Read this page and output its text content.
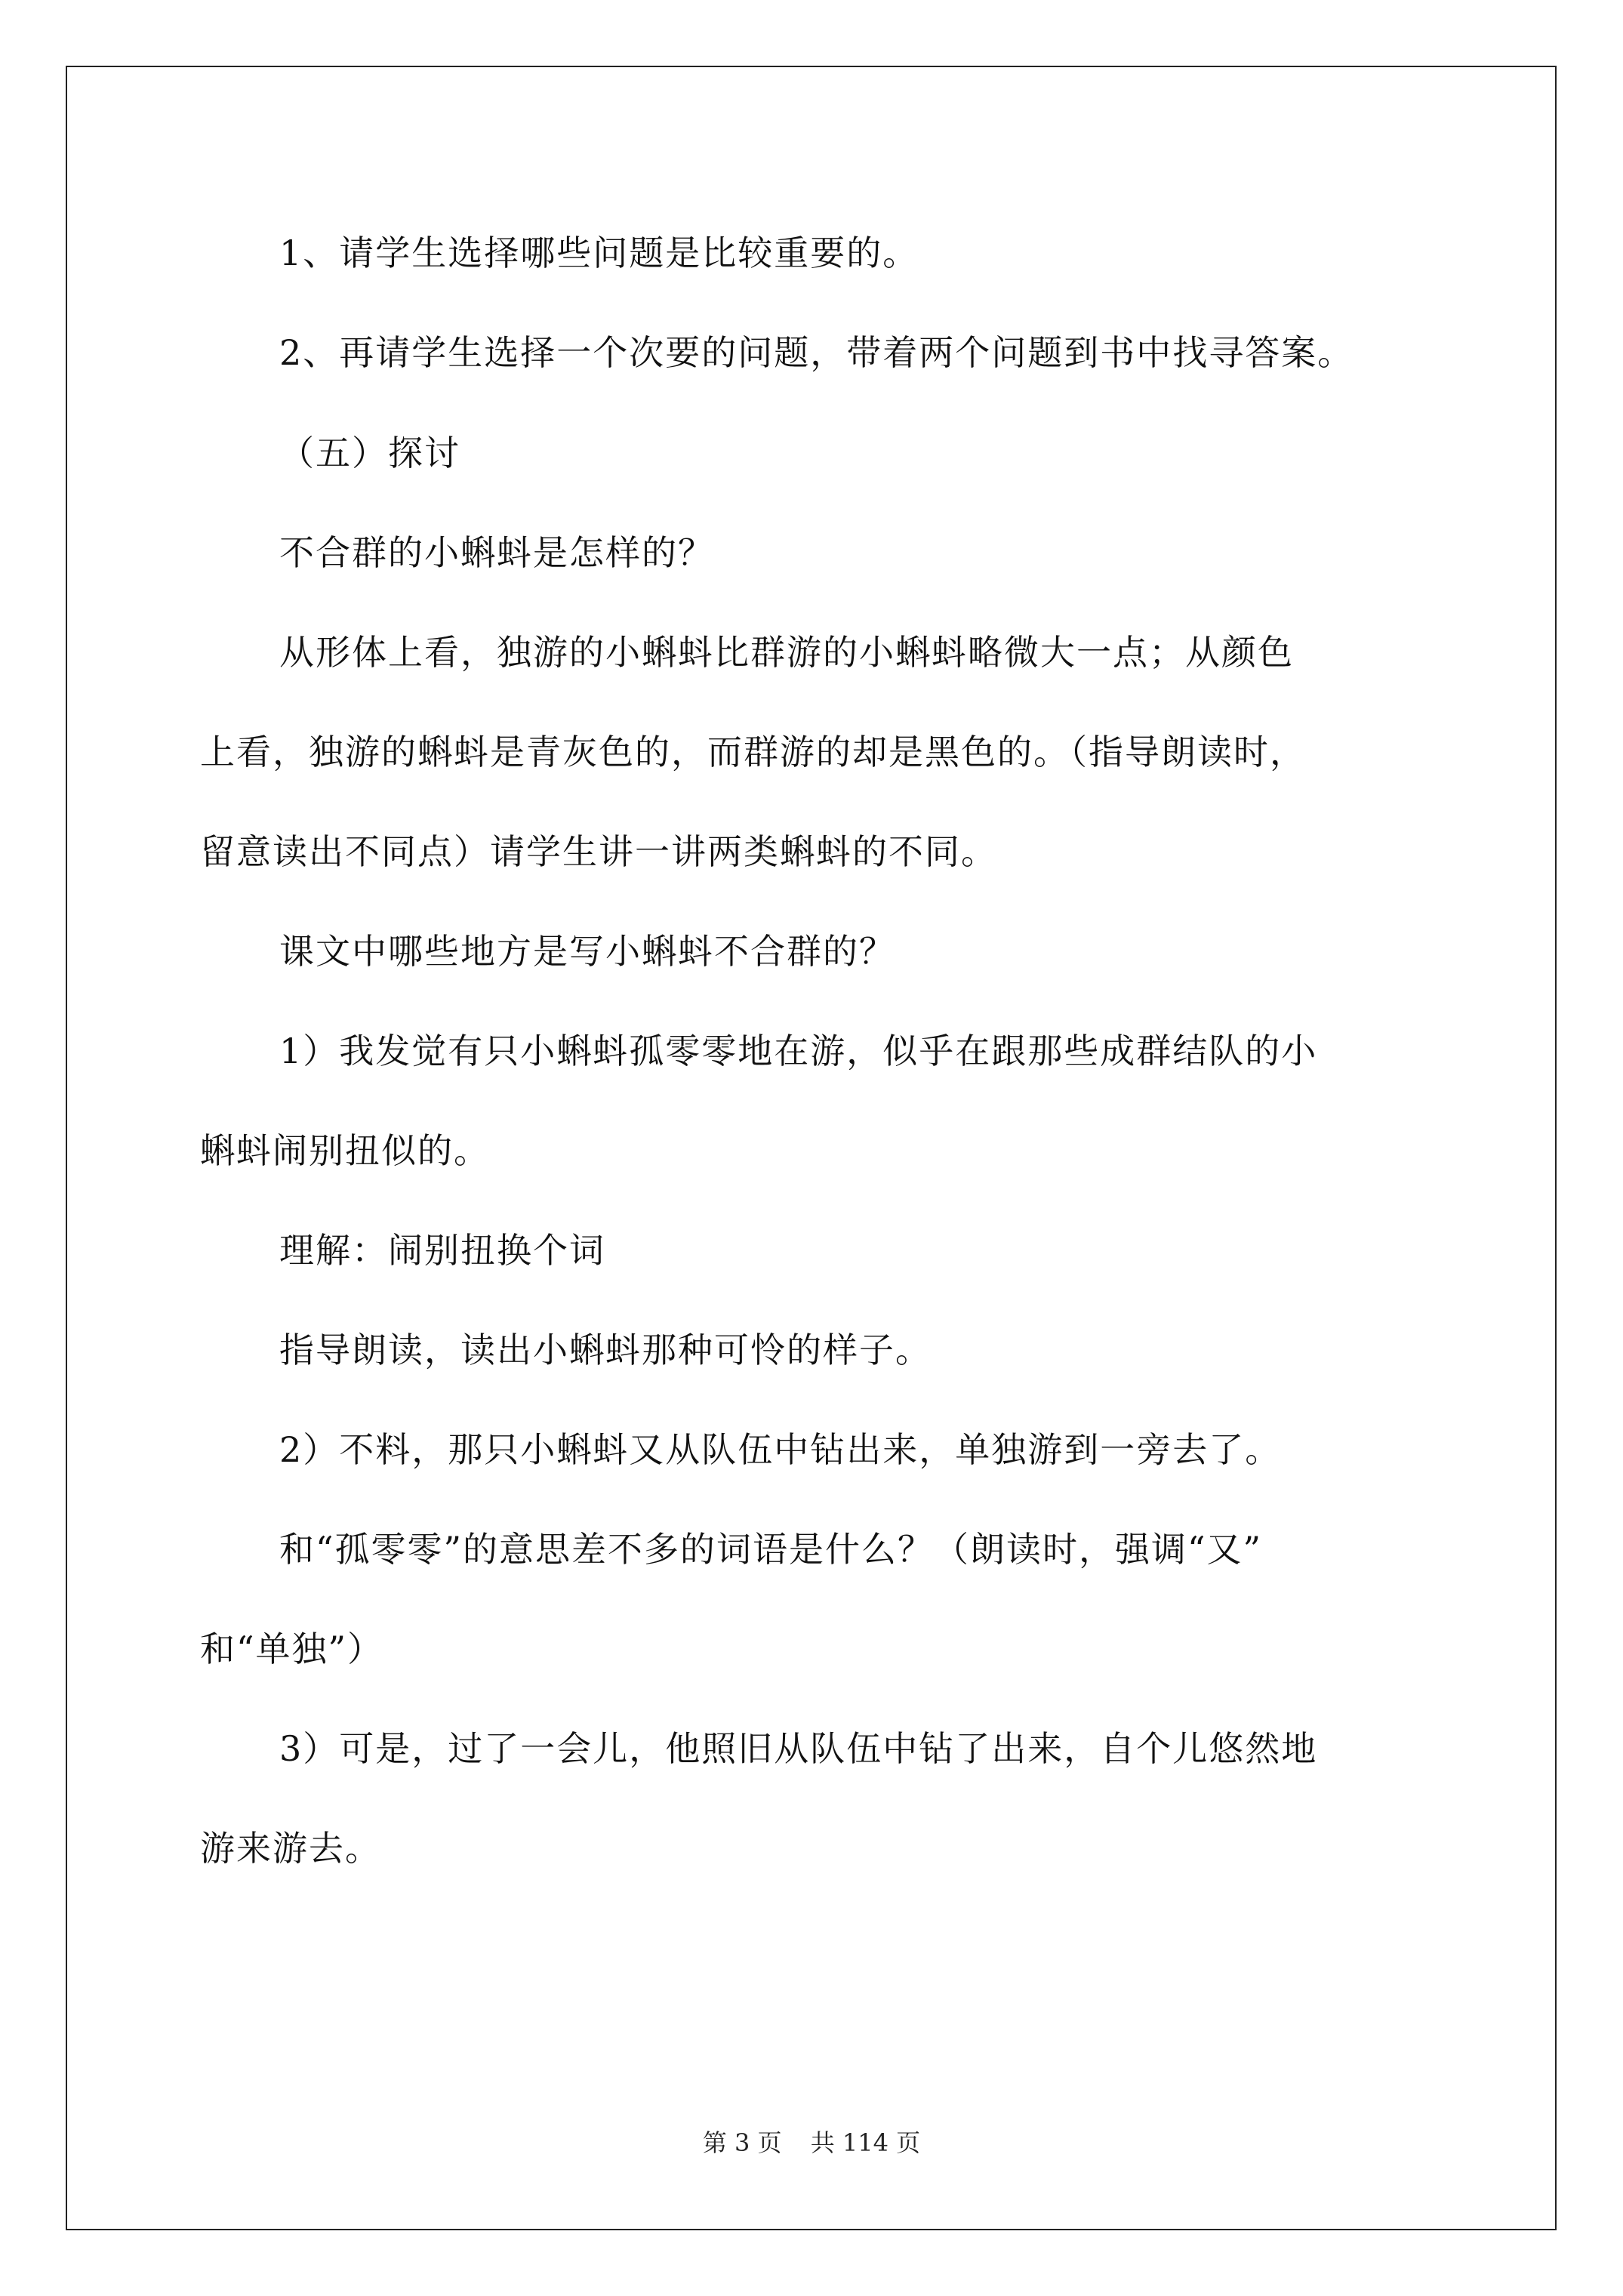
1、请学生选择哪些问题是比较重要的。
2、再请学生选择一个次要的问题，带着两个问题到书中找寻答案。
（五）探讨
不合群的小蝌蚪是怎样的？
从形体上看，独游的小蝌蚪比群游的小蝌蚪略微大一点；从颜色
上看，独游的蝌蚪是青灰色的，而群游的却是黑色的。（指导朗读时，
留意读出不同点）请学生讲一讲两类蝌蚪的不同。
课文中哪些地方是写小蝌蚪不合群的？
1）我发觉有只小蝌蚪孤零零地在游，似乎在跟那些成群结队的小
蝌蚪闹别扭似的。
理解：闹别扭换个词
指导朗读，读出小蝌蚪那种可怜的样子。
2）不料，那只小蝌蚪又从队伍中钻出来，单独游到一旁去了。
和“孤零零”的意思差不多的词语是什么？（朗读时，强调“又”
和“单独”）
3）可是，过了一会儿，他照旧从队伍中钻了出来，自个儿悠然地
游来游去。
第 3 页 共 114 页
